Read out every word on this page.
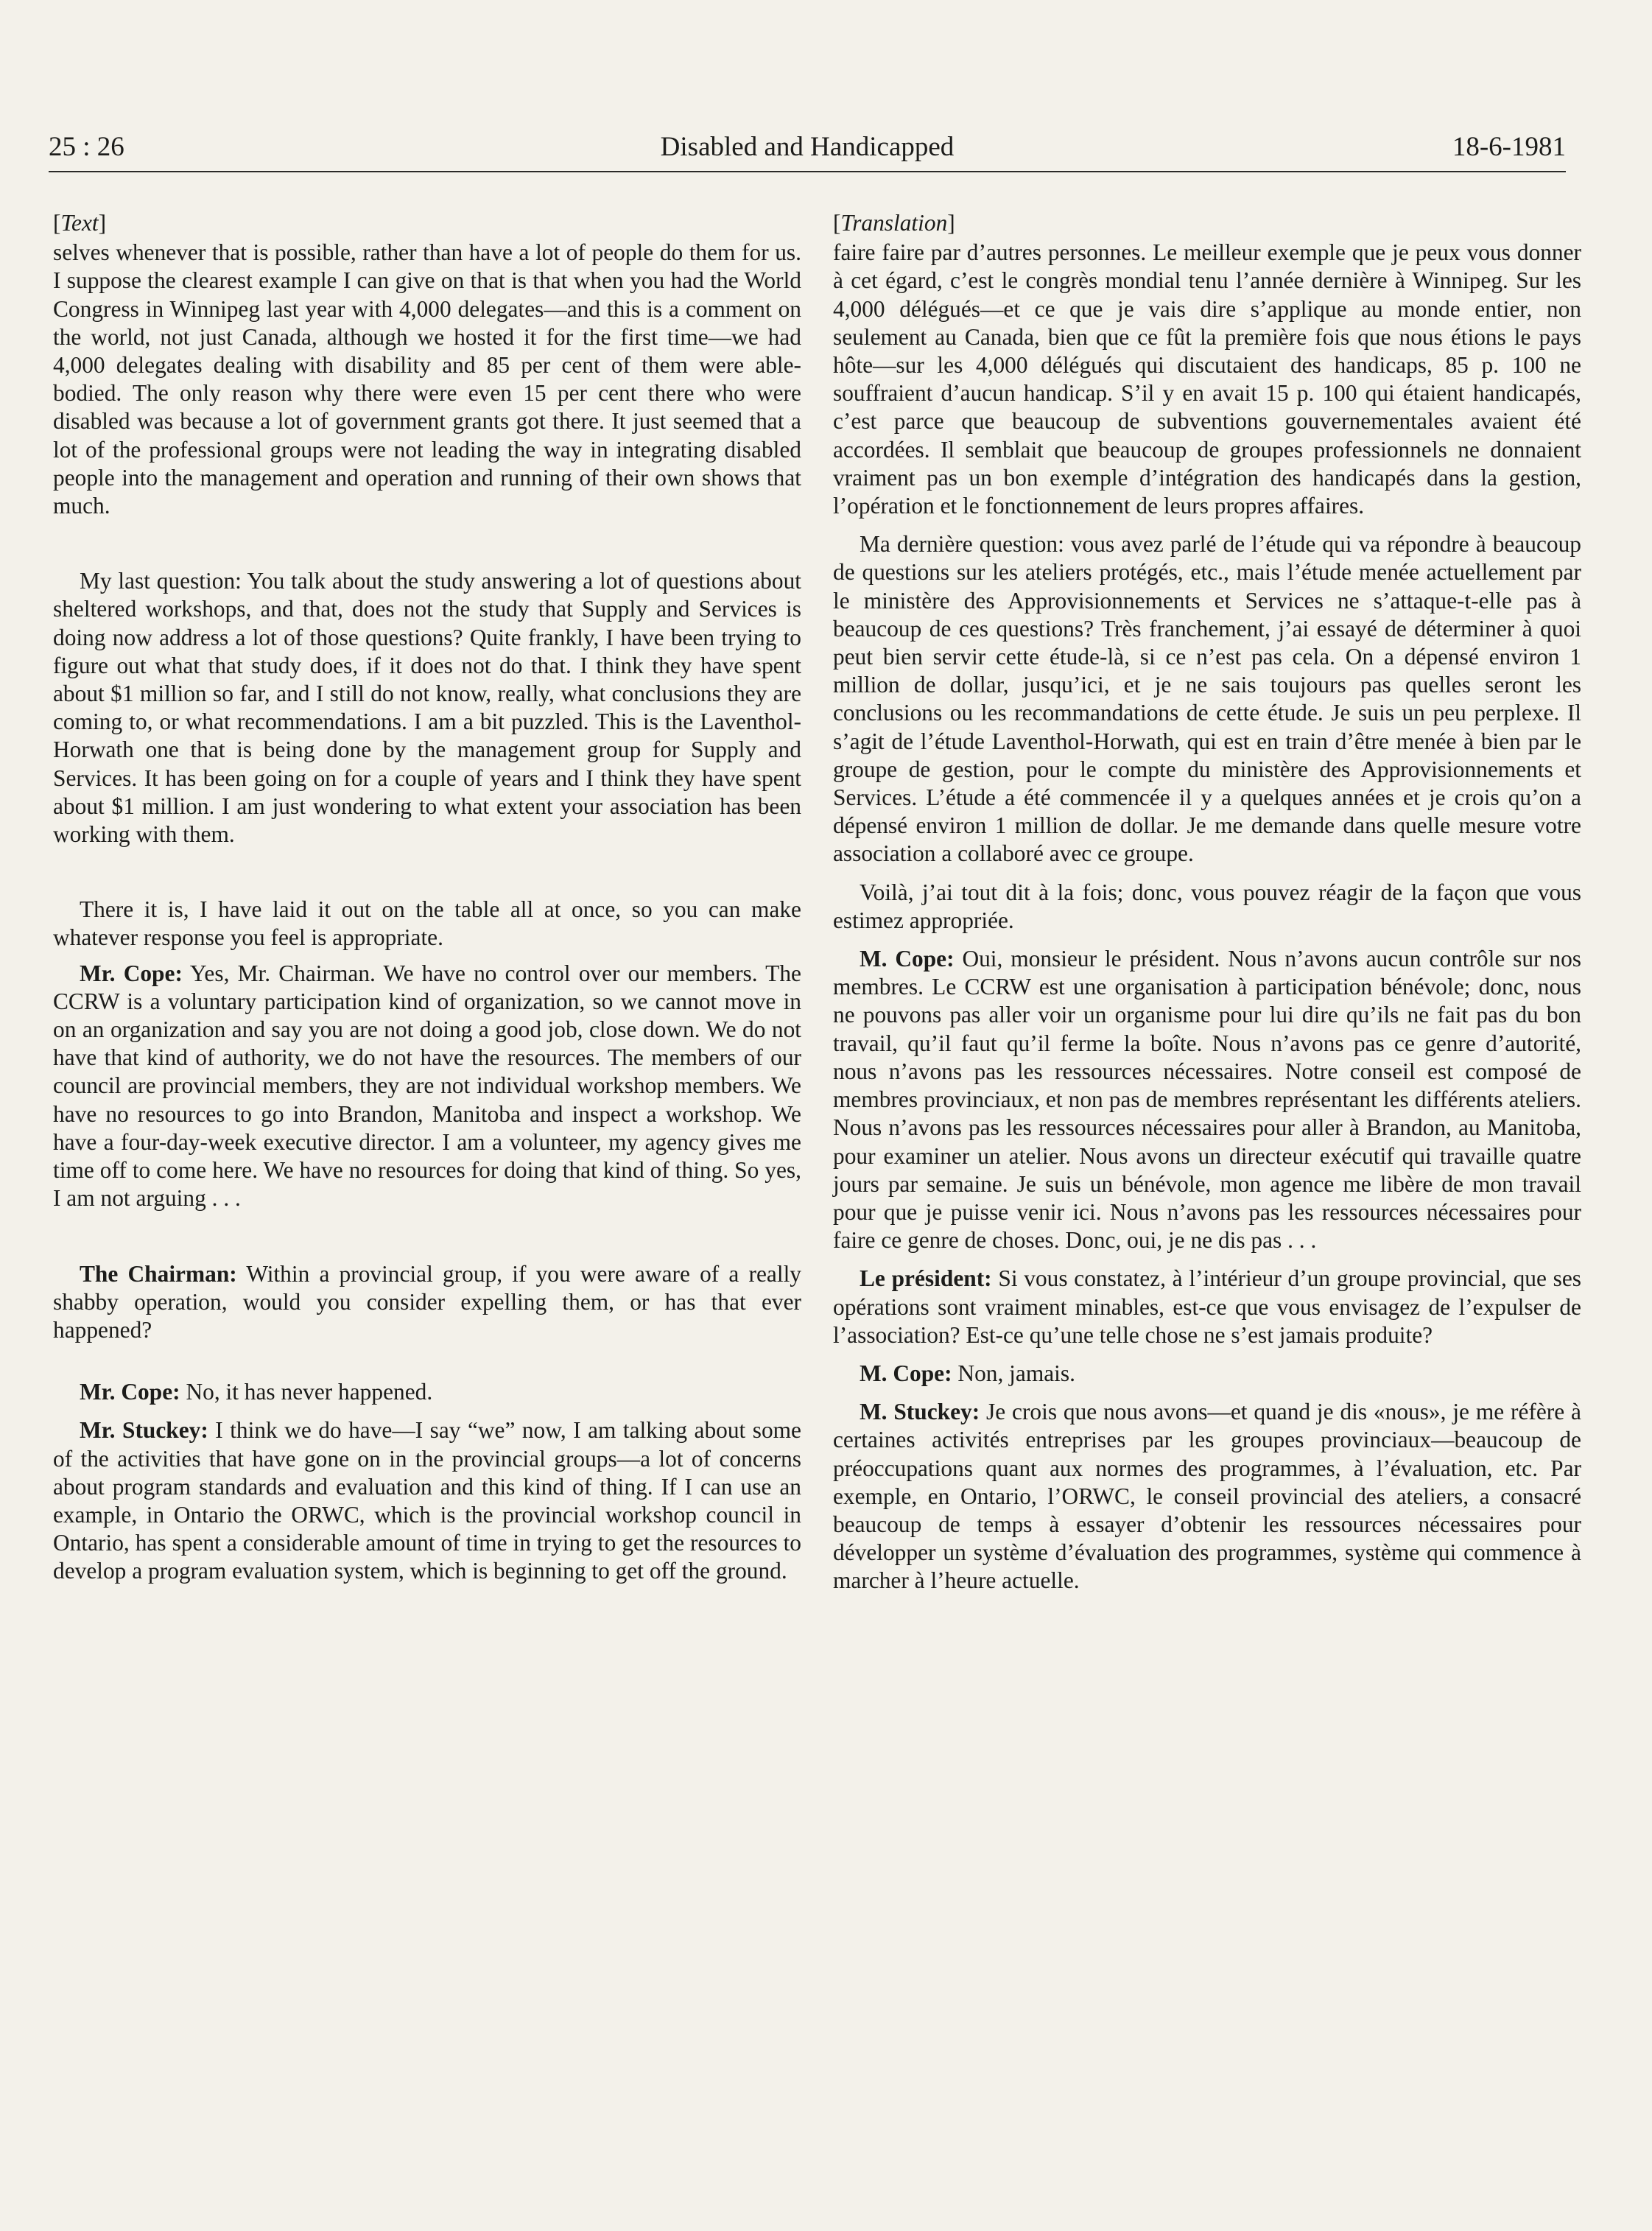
25 : 26	Disabled and Handicapped	18-6-1981

[Text]

selves whenever that is possible, rather than have a lot of people do them for us. I suppose the clearest example I can give on that is that when you had the World Congress in Winnipeg last year with 4,000 delegates—and this is a comment on the world, not just Canada, although we hosted it for the first time—we had 4,000 delegates dealing with disability and 85 per cent of them were able-bodied. The only reason why there were even 15 per cent there who were disabled was because a lot of government grants got there. It just seemed that a lot of the professional groups were not leading the way in integrating disabled people into the management and operation and running of their own shows that much.

My last question: You talk about the study answering a lot of questions about sheltered workshops, and that, does not the study that Supply and Services is doing now address a lot of those questions? Quite frankly, I have been trying to figure out what that study does, if it does not do that. I think they have spent about $1 million so far, and I still do not know, really, what conclusions they are coming to, or what recommendations. I am a bit puzzled. This is the Laventhol-Horwath one that is being done by the management group for Supply and Services. It has been going on for a couple of years and I think they have spent about $1 million. I am just wondering to what extent your association has been working with them.

There it is, I have laid it out on the table all at once, so you can make whatever response you feel is appropriate.

Mr. Cope: Yes, Mr. Chairman. We have no control over our members. The CCRW is a voluntary participation kind of organization, so we cannot move in on an organization and say you are not doing a good job, close down. We do not have that kind of authority, we do not have the resources. The members of our council are provincial members, they are not individual workshop members. We have no resources to go into Brandon, Manitoba and inspect a workshop. We have a four-day-week executive director. I am a volunteer, my agency gives me time off to come here. We have no resources for doing that kind of thing. So yes, I am not arguing . . .

The Chairman: Within a provincial group, if you were aware of a really shabby operation, would you consider expelling them, or has that ever happened?

Mr. Cope: No, it has never happened.

Mr. Stuckey: I think we do have—I say “we” now, I am talking about some of the activities that have gone on in the provincial groups—a lot of concerns about program standards and evaluation and this kind of thing. If I can use an example, in Ontario the ORWC, which is the provincial workshop council in Ontario, has spent a considerable amount of time in trying to get the resources to develop a program evaluation system, which is beginning to get off the ground.

[Translation]

faire faire par d’autres personnes. Le meilleur exemple que je peux vous donner à cet égard, c’est le congrès mondial tenu l’année dernière à Winnipeg. Sur les 4,000 délégués—et ce que je vais dire s’applique au monde entier, non seulement au Canada, bien que ce fût la première fois que nous étions le pays hôte—sur les 4,000 délégués qui discutaient des handicaps, 85 p. 100 ne souffraient d’aucun handicap. S’il y en avait 15 p. 100 qui étaient handicapés, c’est parce que beaucoup de subventions gouvernementales avaient été accordées. Il semblait que beaucoup de groupes professionnels ne donnaient vraiment pas un bon exemple d’intégration des handicapés dans la gestion, l’opération et le fonctionnement de leurs propres affaires.

Ma dernière question: vous avez parlé de l’étude qui va répondre à beaucoup de questions sur les ateliers protégés, etc., mais l’étude menée actuellement par le ministère des Approvisionnements et Services ne s’attaque-t-elle pas à beaucoup de ces questions? Très franchement, j’ai essayé de déterminer à quoi peut bien servir cette étude-là, si ce n’est pas cela. On a dépensé environ 1 million de dollar, jusqu’ici, et je ne sais toujours pas quelles seront les conclusions ou les recommandations de cette étude. Je suis un peu perplexe. Il s’agit de l’étude Laventhol-Horwath, qui est en train d’être menée à bien par le groupe de gestion, pour le compte du ministère des Approvisionnements et Services. L’étude a été commencée il y a quelques années et je crois qu’on a dépensé environ 1 million de dollar. Je me demande dans quelle mesure votre association a collaboré avec ce groupe.

Voilà, j’ai tout dit à la fois; donc, vous pouvez réagir de la façon que vous estimez appropriée.

M. Cope: Oui, monsieur le président. Nous n’avons aucun contrôle sur nos membres. Le CCRW est une organisation à participation bénévole; donc, nous ne pouvons pas aller voir un organisme pour lui dire qu’ils ne fait pas du bon travail, qu’il faut qu’il ferme la boîte. Nous n’avons pas ce genre d’autorité, nous n’avons pas les ressources nécessaires. Notre conseil est composé de membres provinciaux, et non pas de membres représentant les différents ateliers. Nous n’avons pas les ressources nécessaires pour aller à Brandon, au Manitoba, pour examiner un atelier. Nous avons un directeur exécutif qui travaille quatre jours par semaine. Je suis un bénévole, mon agence me libère de mon travail pour que je puisse venir ici. Nous n’avons pas les ressources nécessaires pour faire ce genre de choses. Donc, oui, je ne dis pas . . .

Le président: Si vous constatez, à l’intérieur d’un groupe provincial, que ses opérations sont vraiment minables, est-ce que vous envisagez de l’expulser de l’association? Est-ce qu’une telle chose ne s’est jamais produite?

M. Cope: Non, jamais.

M. Stuckey: Je crois que nous avons—et quand je dis «nous», je me réfère à certaines activités entreprises par les groupes provinciaux—beaucoup de préoccupations quant aux normes des programmes, à l’évaluation, etc. Par exemple, en Ontario, l’ORWC, le conseil provincial des ateliers, a consacré beaucoup de temps à essayer d’obtenir les ressources nécessaires pour développer un système d’évaluation des programmes, système qui commence à marcher à l’heure actuelle.
